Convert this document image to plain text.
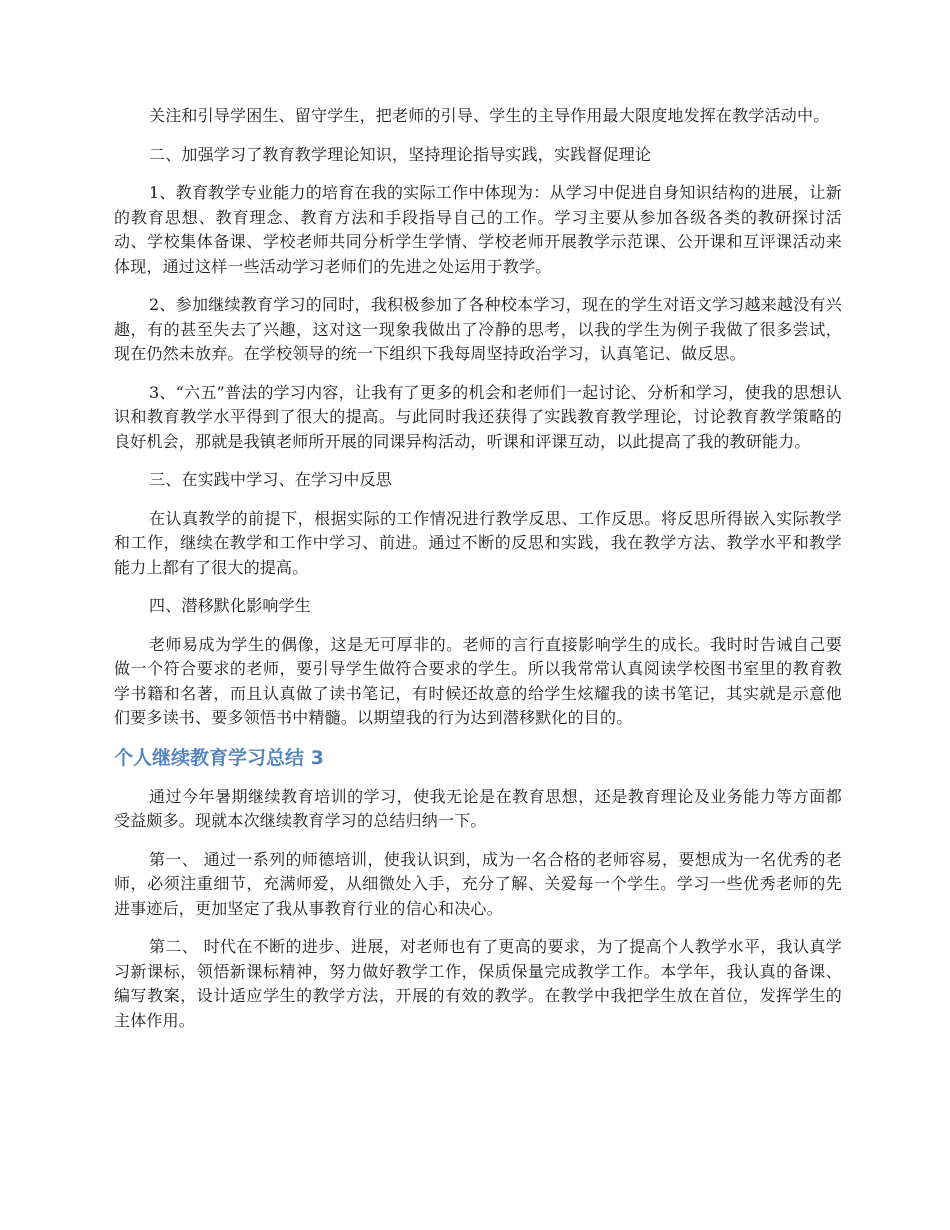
关注和引导学困生、留守学生，把老师的引导、学生的主导作用最大限度地发挥在教学活动中。

二、加强学习了教育教学理论知识，坚持理论指导实践，实践督促理论

1、教育教学专业能力的培育在我的实际工作中体现为：从学习中促进自身知识结构的进展，让新的教育思想、教育理念、教育方法和手段指导自己的工作。学习主要从参加各级各类的教研探讨活动、学校集体备课、学校老师共同分析学生学情、学校老师开展教学示范课、公开课和互评课活动来体现，通过这样一些活动学习老师们的先进之处运用于教学。

2、参加继续教育学习的同时，我积极参加了各种校本学习，现在的学生对语文学习越来越没有兴趣，有的甚至失去了兴趣，这对这一现象我做出了冷静的思考，以我的学生为例子我做了很多尝试，现在仍然未放弃。在学校领导的统一下组织下我每周坚持政治学习，认真笔记、做反思。

3、“六五”普法的学习内容，让我有了更多的机会和老师们一起讨论、分析和学习，使我的思想认识和教育教学水平得到了很大的提高。与此同时我还获得了实践教育教学理论，讨论教育教学策略的良好机会，那就是我镇老师所开展的同课异构活动，听课和评课互动，以此提高了我的教研能力。

三、在实践中学习、在学习中反思

在认真教学的前提下，根据实际的工作情况进行教学反思、工作反思。将反思所得嵌入实际教学和工作，继续在教学和工作中学习、前进。通过不断的反思和实践，我在教学方法、教学水平和教学能力上都有了很大的提高。

四、潜移默化影响学生

老师易成为学生的偶像，这是无可厚非的。老师的言行直接影响学生的成长。我时时告诫自己要做一个符合要求的老师，要引导学生做符合要求的学生。所以我常常认真阅读学校图书室里的教育教学书籍和名著，而且认真做了读书笔记，有时候还故意的给学生炫耀我的读书笔记，其实就是示意他们要多读书、要多领悟书中精髓。以期望我的行为达到潜移默化的目的。

个人继续教育学习总结 3

通过今年暑期继续教育培训的学习，使我无论是在教育思想，还是教育理论及业务能力等方面都受益颇多。现就本次继续教育学习的总结归纳一下。

第一、 通过一系列的师德培训，使我认识到，成为一名合格的老师容易，要想成为一名优秀的老师，必须注重细节，充满师爱，从细微处入手，充分了解、关爱每一个学生。学习一些优秀老师的先进事迹后，更加坚定了我从事教育行业的信心和决心。

第二、 时代在不断的进步、进展，对老师也有了更高的要求，为了提高个人教学水平，我认真学习新课标，领悟新课标精神，努力做好教学工作，保质保量完成教学工作。本学年，我认真的备课、编写教案，设计适应学生的教学方法，开展的有效的教学。在教学中我把学生放在首位，发挥学生的主体作用。
